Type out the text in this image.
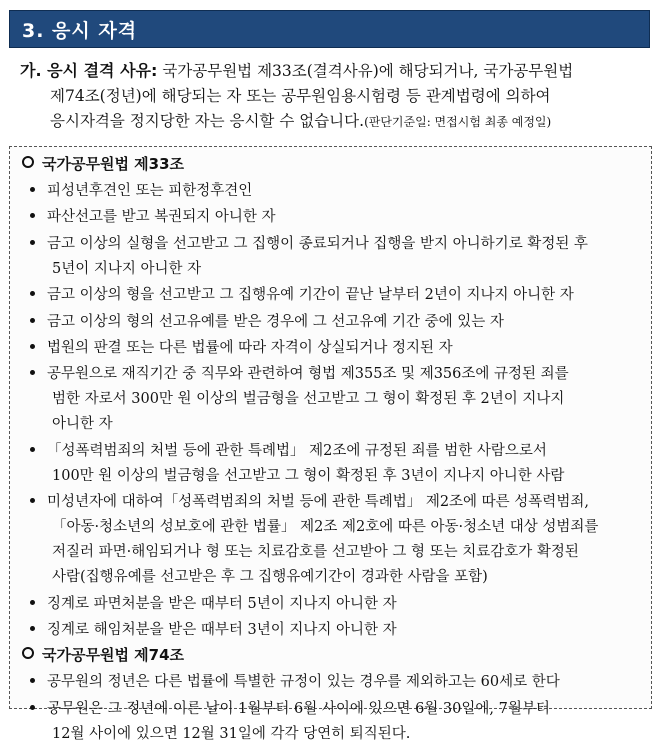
3. 응시 자격
가. 응시 결격 사유: 국가공무원법 제33조(결격사유)에 해당되거나, 국가공무원법
제74조(정년)에 해당되는 자 또는 공무원임용시험령 등 관계법령에 의하여
응시자격을 정지당한 자는 응시할 수 없습니다.(판단기준일: 면접시험 최종 예정일)
국가공무원법 제33조
피성년후견인 또는 피한정후견인
파산선고를 받고 복권되지 아니한 자
금고 이상의 실형을 선고받고 그 집행이 종료되거나 집행을 받지 아니하기로 확정된 후
5년이 지나지 아니한 자
금고 이상의 형을 선고받고 그 집행유예 기간이 끝난 날부터 2년이 지나지 아니한 자
금고 이상의 형의 선고유예를 받은 경우에 그 선고유예 기간 중에 있는 자
법원의 판결 또는 다른 법률에 따라 자격이 상실되거나 정지된 자
공무원으로 재직기간 중 직무와 관련하여 형법 제355조 및 제356조에 규정된 죄를
범한 자로서 300만 원 이상의 벌금형을 선고받고 그 형이 확정된 후 2년이 지나지
아니한 자
「성폭력범죄의 처벌 등에 관한 특례법」 제2조에 규정된 죄를 범한 사람으로서
100만 원 이상의 벌금형을 선고받고 그 형이 확정된 후 3년이 지나지 아니한 사람
미성년자에 대하여「성폭력범죄의 처벌 등에 관한 특례법」 제2조에 따른 성폭력범죄,
「아동·청소년의 성보호에 관한 법률」 제2조 제2호에 따른 아동·청소년 대상 성범죄를
저질러 파면·해임되거나 형 또는 치료감호를 선고받아 그 형 또는 치료감호가 확정된
사람(집행유예를 선고받은 후 그 집행유예기간이 경과한 사람을 포함)
징계로 파면처분을 받은 때부터 5년이 지나지 아니한 자
징계로 해임처분을 받은 때부터 3년이 지나지 아니한 자
국가공무원법 제74조
공무원의 정년은 다른 법률에 특별한 규정이 있는 경우를 제외하고는 60세로 한다
공무원은 그 정년에 이른 날이 1월부터 6월 사이에 있으면 6월 30일에, 7월부터
12월 사이에 있으면 12월 31일에 각각 당연히 퇴직된다.
